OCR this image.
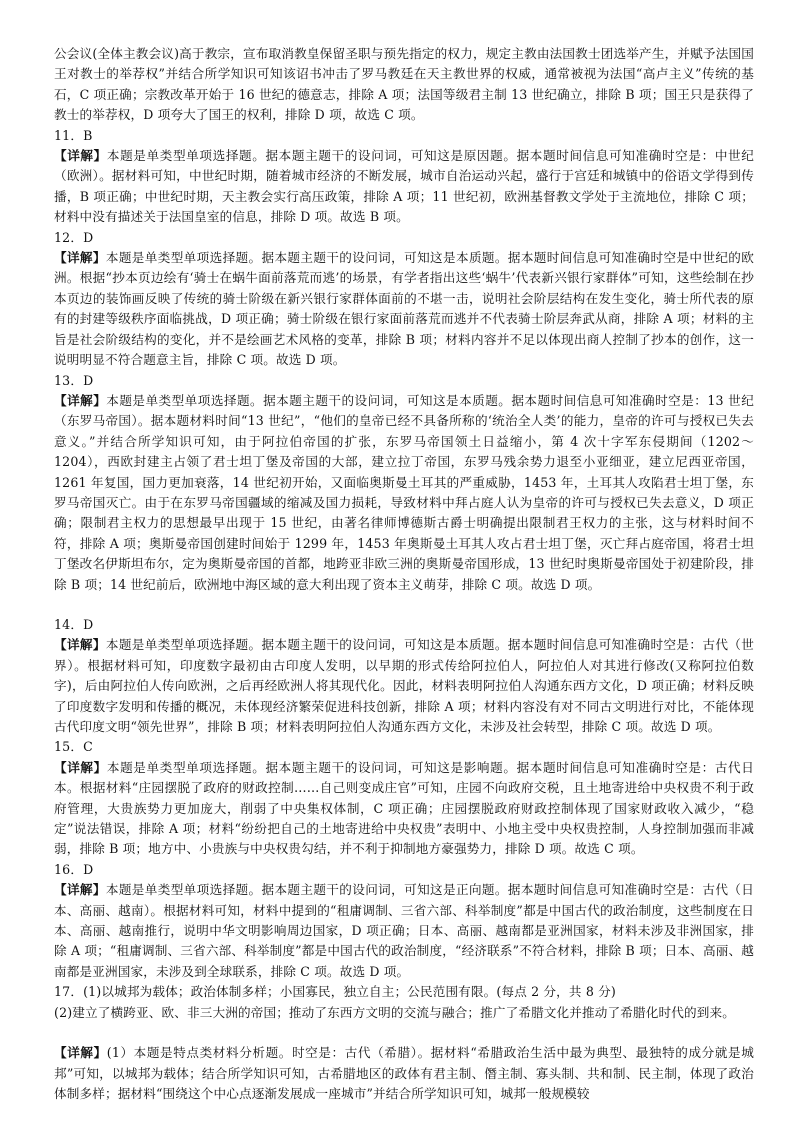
公会议(全体主教会议)高于教宗，宣布取消教皇保留圣职与预先指定的权力，规定主教由法国教士团选举产生，并赋予法国国王对教士的举荐权”并结合所学知识可知该诏书冲击了罗马教廷在天主教世界的权威，通常被视为法国“高卢主义”传统的基石，C 项正确；宗教改革开始于 16 世纪的德意志，排除 A 项；法国等级君主制 13 世纪确立，排除 B 项；国王只是获得了教士的举荐权，D 项夸大了国王的权利，排除 D 项，故选 C 项。

11．B

【详解】本题是单类型单项选择题。据本题主题干的设问词，可知这是原因题。据本题时间信息可知准确时空是：中世纪（欧洲）。据材料可知，中世纪时期，随着城市经济的不断发展，城市自治运动兴起，盛行于宫廷和城镇中的俗语文学得到传播，B 项正确；中世纪时期，天主教会实行高压政策，排除 A 项；11 世纪初，欧洲基督教文学处于主流地位，排除 C 项；材料中没有描述关于法国皇室的信息，排除 D 项。故选 B 项。

12．D

【详解】本题是单类型单项选择题。据本题主题干的设问词，可知这是本质题。据本题时间信息可知准确时空是中世纪的欧洲。根据“抄本页边绘有‘骑士在蜗牛面前落荒而逃’的场景，有学者指出这些‘蜗牛’代表新兴银行家群体”可知，这些绘制在抄本页边的装饰画反映了传统的骑士阶级在新兴银行家群体面前的不堪一击，说明社会阶层结构在发生变化，骑士所代表的原有的封建等级秩序面临挑战，D 项正确；骑士阶级在银行家面前落荒而逃并不代表骑士阶层奔武从商，排除 A 项；材料的主旨是社会阶级结构的变化，并不是绘画艺术风格的变革，排除 B 项；材料内容并不足以体现出商人控制了抄本的创作，这一说明明显不符合题意主旨，排除 C 项。故选 D 项。

13．D

【详解】本题是单类型单项选择题。据本题主题干的设问词，可知这是本质题。据本题时间信息可知准确时空是：13 世纪（东罗马帝国）。据本题材料时间“13 世纪”，“他们的皇帝已经不具备所称的‘统治全人类’的能力，皇帝的许可与授权已失去意义。”并结合所学知识可知，由于阿拉伯帝国的扩张，东罗马帝国领土日益缩小，第 4 次十字军东侵期间（1202～1204），西欧封建主占领了君士坦丁堡及帝国的大部，建立拉丁帝国，东罗马残余势力退至小亚细亚，建立尼西亚帝国，1261 年复国，国力更加衰落，14 世纪初开始，又面临奥斯曼土耳其的严重威胁，1453 年，土耳其人攻陷君士坦丁堡，东罗马帝国灭亡。由于在东罗马帝国疆域的缩减及国力损耗，导致材料中拜占庭人认为皇帝的许可与授权已失去意义，D 项正确；限制君主权力的思想最早出现于 15 世纪，由著名律师博德斯古爵士明确提出限制君王权力的主张，这与材料时间不符，排除 A 项；奥斯曼帝国创建时间始于 1299 年，1453 年奥斯曼土耳其人攻占君士坦丁堡，灭亡拜占庭帝国，将君士坦丁堡改名伊斯坦布尔，定为奥斯曼帝国的首都，地跨亚非欧三洲的奥斯曼帝国形成，13 世纪时奥斯曼帝国处于初建阶段，排除 B 项；14 世纪前后，欧洲地中海区域的意大利出现了资本主义萌芽，排除 C 项。故选 D 项。

14．D

【详解】本题是单类型单项选择题。据本题主题干的设问词，可知这是本质题。据本题时间信息可知准确时空是：古代（世界）。根据材料可知，印度数字最初由古印度人发明，以早期的形式传给阿拉伯人，阿拉伯人对其进行修改(又称阿拉伯数字)，后由阿拉伯人传向欧洲，之后再经欧洲人将其现代化。因此，材料表明阿拉伯人沟通东西方文化，D 项正确；材料反映了印度数字发明和传播的概况，未体现经济繁荣促进科技创新，排除 A 项；材料内容没有对不同古文明进行对比，不能体现古代印度文明“领先世界”，排除 B 项；材料表明阿拉伯人沟通东西方文化，未涉及社会转型，排除 C 项。故选 D 项。

15．C

【详解】本题是单类型单项选择题。据本题主题干的设问词，可知这是影响题。据本题时间信息可知准确时空是：古代日本。根据材料“庄园摆脱了政府的财政控制……自己则变成庄官”可知，庄园不向政府交税，且土地寄进给中央权贵不利于政府管理，大贵族势力更加庞大，削弱了中央集权体制，C 项正确；庄园摆脱政府财政控制体现了国家财政收入减少，“稳定”说法错误，排除 A 项；材料“纷纷把自己的土地寄进给中央权贵”表明中、小地主受中央权贵控制，人身控制加强而非减弱，排除 B 项；地方中、小贵族与中央权贵勾结，并不利于抑制地方豪强势力，排除 D 项。故选 C 项。

16．D

【详解】本题是单类型单项选择题。据本题主题干的设问词，可知这是正向题。据本题时间信息可知准确时空是：古代（日本、高丽、越南）。根据材料可知，材料中提到的“租庸调制、三省六部、科举制度”都是中国古代的政治制度，这些制度在日本、高丽、越南推行，说明中华文明影响周边国家，D 项正确；日本、高丽、越南都是亚洲国家，材料未涉及非洲国家，排除 A 项；“租庸调制、三省六部、科举制度”都是中国古代的政治制度，“经济联系”不符合材料，排除 B 项；日本、高丽、越南都是亚洲国家，未涉及到全球联系，排除 C 项。故选 D 项。

17．(1)以城邦为载体；政治体制多样；小国寡民，独立自主；公民范围有限。(每点 2 分，共 8 分)

(2)建立了横跨亚、欧、非三大洲的帝国；推动了东西方文明的交流与融合；推广了希腊文化并推动了希腊化时代的到来。

【详解】(1）本题是特点类材料分析题。时空是：古代（希腊）。据材料“希腊政治生活中最为典型、最独特的成分就是城邦”可知，以城邦为载体；结合所学知识可知，古希腊地区的政体有君主制、僭主制、寡头制、共和制、民主制，体现了政治体制多样；据材料“围绕这个中心点逐渐发展成一座城市”并结合所学知识可知，城邦一般规模较
